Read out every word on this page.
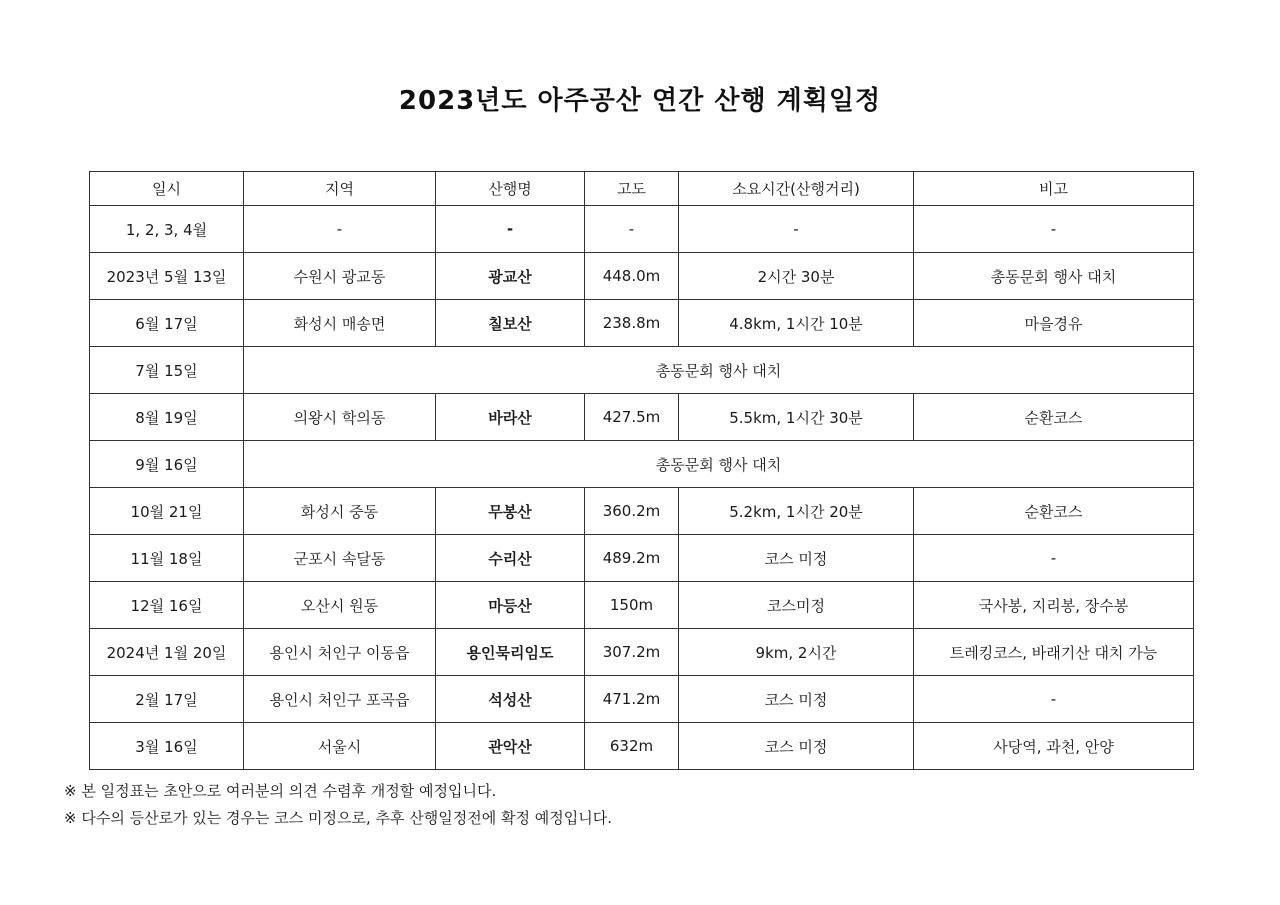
2023년도 아주공산 연간 산행 계획일정
일시	지역	산행명	고도	소요시간(산행거리)	비고
1, 2, 3, 4월	-	-	-	-	-
2023년 5월 13일	수원시 광교동	광교산	448.0m	2시간 30분	총동문회 행사 대치
6월 17일	화성시 매송면	칠보산	238.8m	4.8km, 1시간 10분	마을경유
7월 15일	총동문회 행사 대치				
8월 19일	의왕시 학의동	바라산	427.5m	5.5km, 1시간 30분	순환코스
9월 16일	총동문회 행사 대치				
10월 21일	화성시 중동	무봉산	360.2m	5.2km, 1시간 20분	순환코스
11월 18일	군포시 속달동	수리산	489.2m	코스 미정	-
12월 16일	오산시 원동	마등산	150m	코스미정	국사봉, 지리봉, 장수봉
2024년 1월 20일	용인시 처인구 이동읍	용인묵리임도	307.2m	9km, 2시간	트레킹코스, 바래기산 대치 가능
2월 17일	용인시 처인구 포곡읍	석성산	471.2m	코스 미정	-
3월 16일	서울시	관악산	632m	코스 미정	사당역, 과천, 안양
※ 본 일정표는 초안으로 여러분의 의견 수렴후 개정할 예정입니다.
※ 다수의 등산로가 있는 경우는 코스 미정으로, 추후 산행일정전에 확정 예정입니다.
